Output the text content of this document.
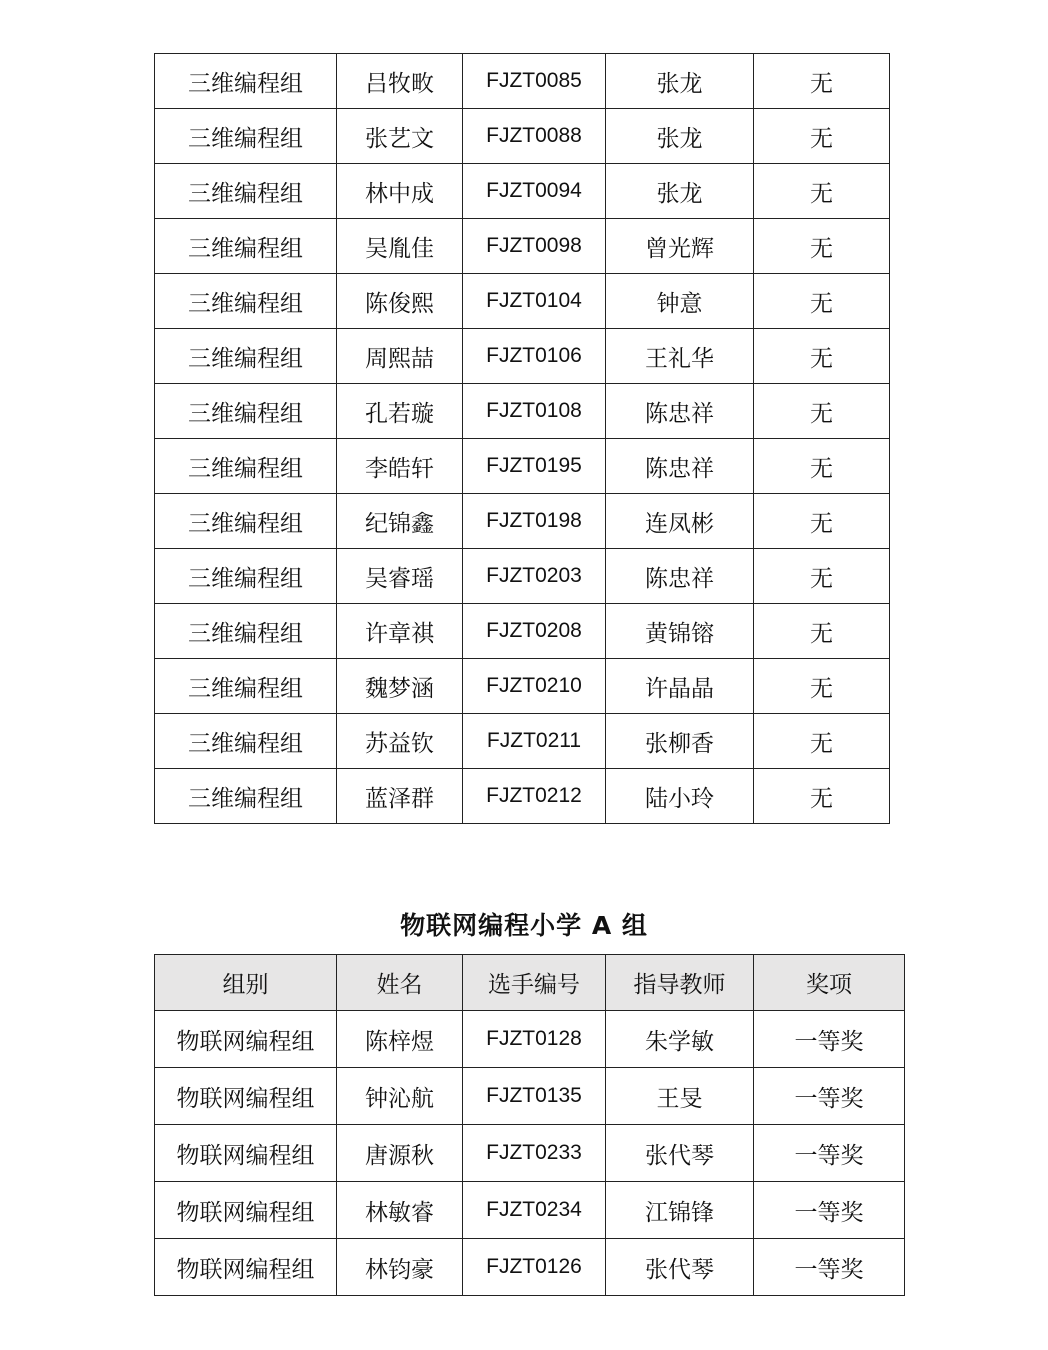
三维编程组	吕牧畋	FJZT0085	张龙	无
三维编程组	张艺文	FJZT0088	张龙	无
三维编程组	林中成	FJZT0094	张龙	无
三维编程组	吴胤佳	FJZT0098	曾光辉	无
三维编程组	陈俊熙	FJZT0104	钟意	无
三维编程组	周熙喆	FJZT0106	王礼华	无
三维编程组	孔若璇	FJZT0108	陈忠祥	无
三维编程组	李皓轩	FJZT0195	陈忠祥	无
三维编程组	纪锦鑫	FJZT0198	连凤彬	无
三维编程组	吴睿瑶	FJZT0203	陈忠祥	无
三维编程组	许章祺	FJZT0208	黄锦镕	无
三维编程组	魏梦涵	FJZT0210	许晶晶	无
三维编程组	苏益钦	FJZT0211	张柳香	无
三维编程组	蓝泽群	FJZT0212	陆小玲	无
物联网编程小学 A 组
组别	姓名	选手编号	指导教师	奖项
物联网编程组	陈梓煜	FJZT0128	朱学敏	一等奖
物联网编程组	钟沁航	FJZT0135	王旻	一等奖
物联网编程组	唐源秋	FJZT0233	张代琴	一等奖
物联网编程组	林敏睿	FJZT0234	江锦锋	一等奖
物联网编程组	林钧豪	FJZT0126	张代琴	一等奖
